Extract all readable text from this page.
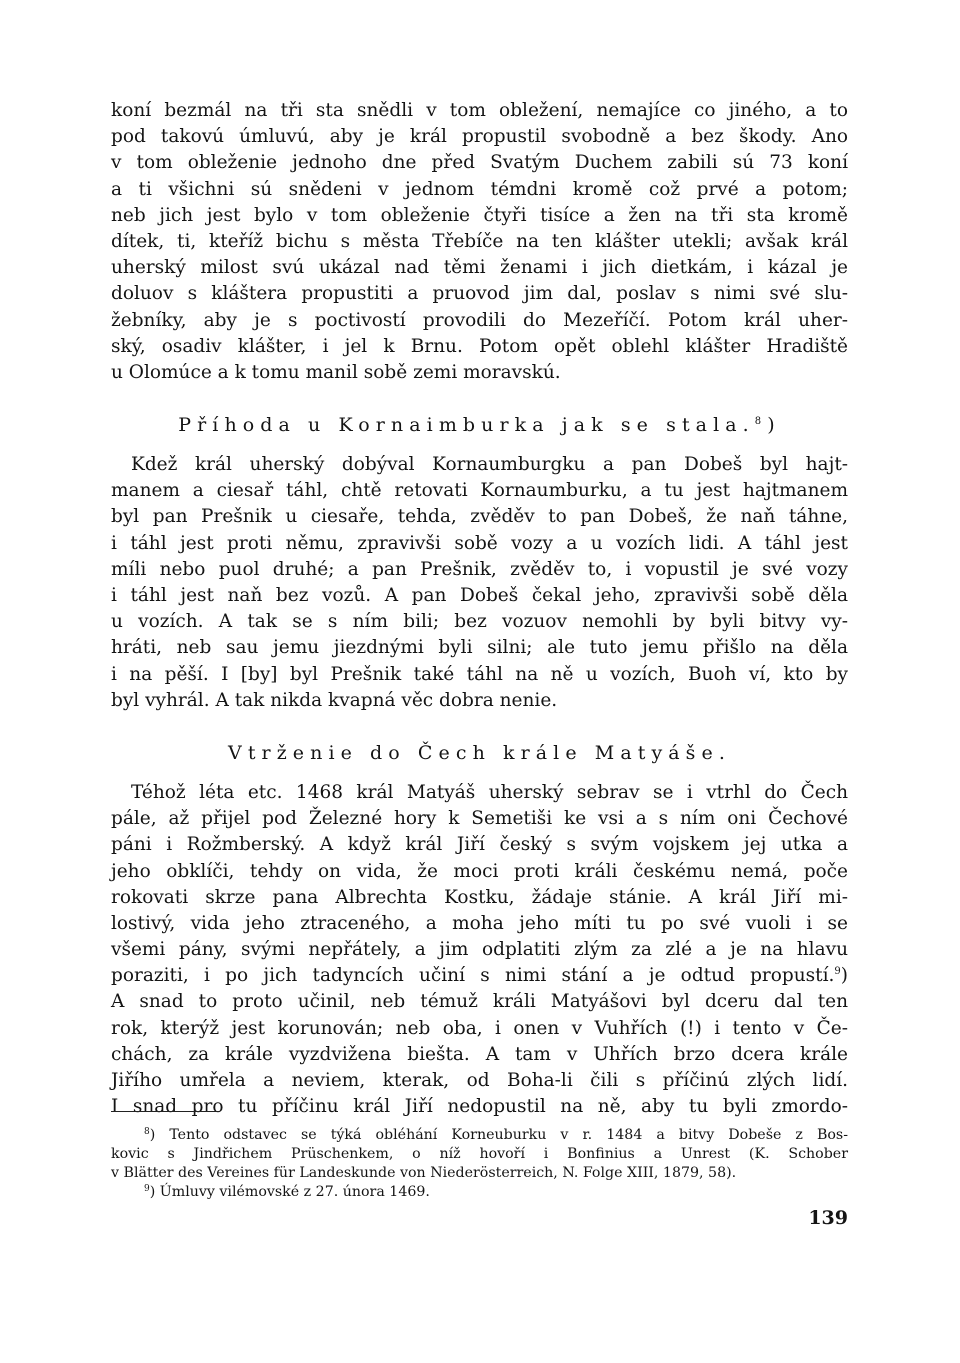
koní bezmál na tři sta snědli v tom obležení, nemajíce co jiného, a to
pod takovú úmluvú, aby je král propustil svobodně a bez škody. Ano
v tom obleženie jednoho dne před Svatým Duchem zabili sú 73 koní
a ti všichni sú snědeni v jednom témdni kromě což prvé a potom;
neb jich jest bylo v tom obleženie čtyři tisíce a žen na tři sta kromě
dítek, ti, kteříž bichu s města Třebíče na ten klášter utekli; avšak král
uherský milost svú ukázal nad těmi ženami i jich dietkám, i kázal je
doluov s kláštera propustiti a pruovod jim dal, poslav s nimi své slu-
žebníky, aby je s poctivostí provodili do Mezeříčí. Potom král uher-
ský, osadiv klášter, i jel k Brnu. Potom opět oblehl klášter Hradiště
u Olomúce a k tomu manil sobě zemi moravskú.
Příhoda u Kornaimburka jak se stala.$^8$)
Kdež král uherský dobýval Kornaumburgku a pan Dobeš byl hajt-
manem a ciesař táhl, chtě retovati Kornaumburku, a tu jest hajtmanem
byl pan Prešnik u ciesaře, tehda, zvěděv to pan Dobeš, že naň táhne,
i táhl jest proti němu, zpravivši sobě vozy a u vozích lidi. A táhl jest
míli nebo puol druhé; a pan Prešnik, zvěděv to, i vopustil je své vozy
i táhl jest naň bez vozů. A pan Dobeš čekal jeho, zpravivši sobě děla
u vozích. A tak se s ním bili; bez vozuov nemohli by byli bitvy vy-
hráti, neb sau jemu jiezdnými byli silni; ale tuto jemu přišlo na děla
i na pěší. I [by] byl Prešnik také táhl na ně u vozích, Buoh ví, kto by
byl vyhrál. A tak nikda kvapná věc dobra nenie.
Vtrženie do Čech krále Matyáše.
Téhož léta etc. 1468 král Matyáš uherský sebrav se i vtrhl do Čech
pále, až přijel pod Železné hory k Semetiši ke vsi a s ním oni Čechové
páni i Rožmberský. A když král Jiří český s svým vojskem jej utka a
jeho obklíči, tehdy on vida, že moci proti králi českému nemá, poče
rokovati skrze pana Albrechta Kostku, žádaje stánie. A král Jiří mi-
lostivý, vida jeho ztraceného, a moha jeho míti tu po své vuoli i se
všemi pány, svými nepřátely, a jim odplatiti zlým za zlé a je na hlavu
poraziti, i po jich tadyncích učiní s nimi stání a je odtud propustí.$^9$)
A snad to proto učinil, neb témuž králi Matyášovi byl dceru dal ten
rok, kterýž jest korunován; neb oba, i onen v Vuhřích (!) i tento v Če-
chách, za krále vyzdvižena biešta. A tam v Uhřích brzo dcera krále
Jiřího umřela a neviem, kterak, od Boha-li čili s příčinú zlých lidí.
I snad pro tu příčinu král Jiří nedopustil na ně, aby tu byli zmordo-
$^8$) Tento odstavec se týká obléhání Korneuburku v r. 1484 a bitvy Dobeše z Bos-
kovic s Jindřichem Prüschenkem, o níž hovoří i Bonfinius a Unrest (K. Schober
v Blätter des Vereines für Landeskunde von Niederösterreich, N. Folge XIII, 1879, 58).
$^9$) Úmluvy vilémovské z 27. února 1469.
139
